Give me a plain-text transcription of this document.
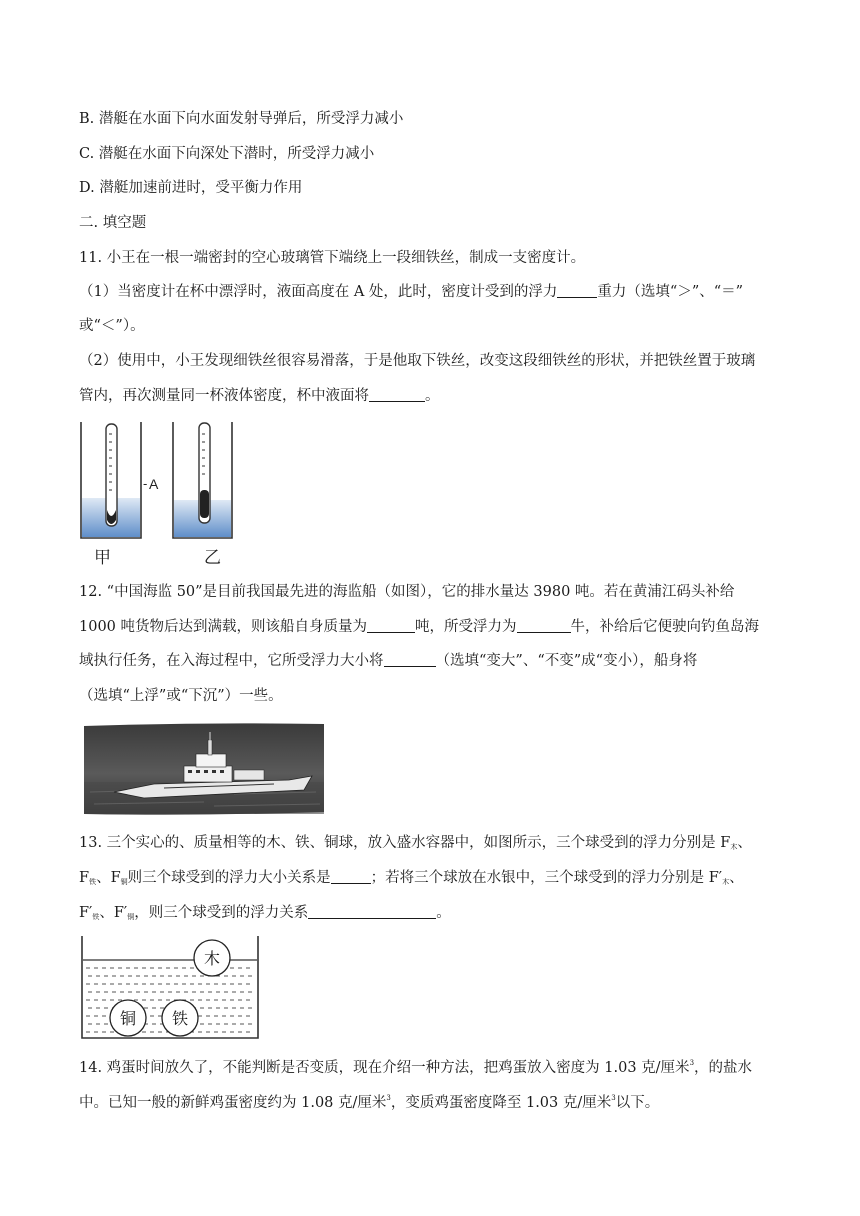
B. 潜艇在水面下向水面发射导弹后，所受浮力减小
C. 潜艇在水面下向深处下潜时，所受浮力减小
D. 潜艇加速前进时，受平衡力作用
二. 填空题
11. 小王在一根一端密封的空心玻璃管下端绕上一段细铁丝，制成一支密度计。
（1）当密度计在杯中漂浮时，液面高度在 A 处，此时，密度计受到的浮力	重力（选填“＞”、“＝”
或“＜”）。
（2）使用中，小王发现细铁丝很容易滑落，于是他取下铁丝，改变这段细铁丝的形状，并把铁丝置于玻璃
管内，再次测量同一杯液体密度，杯中液面将	。
- A
甲	乙
12. “中国海监 50”是目前我国最先进的海监船（如图），它的排水量达 3980 吨。若在黄浦江码头补给
1000 吨货物后达到满载，则该船自身质量为	吨，所受浮力为	牛，补给后它便驶向钓鱼岛海
域执行任务，在入海过程中，它所受浮力大小将	（选填“变大”、“不变”成“变小），船身将
（选填“上浮”或“下沉”）一些。
13. 三个实心的、质量相等的木、铁、铜球，放入盛水容器中，如图所示，三个球受到的浮力分别是 $F_木$、
$F_铁$、$F_铜$则三个球受到的浮力大小关系是	；若将三个球放在水银中，三个球受到的浮力分别是 $F'_木$、
$F'_铁$、$F'_铜$，则三个球受到的浮力关系	。
木
铜 铁
14. 鸡蛋时间放久了，不能判断是否变质，现在介绍一种方法，把鸡蛋放入密度为 1.03 克/厘米$^3$，的盐水
中。已知一般的新鲜鸡蛋密度约为 1.08 克/厘米$^3$，变质鸡蛋密度降至 1.03 克/厘米$^3$以下。
